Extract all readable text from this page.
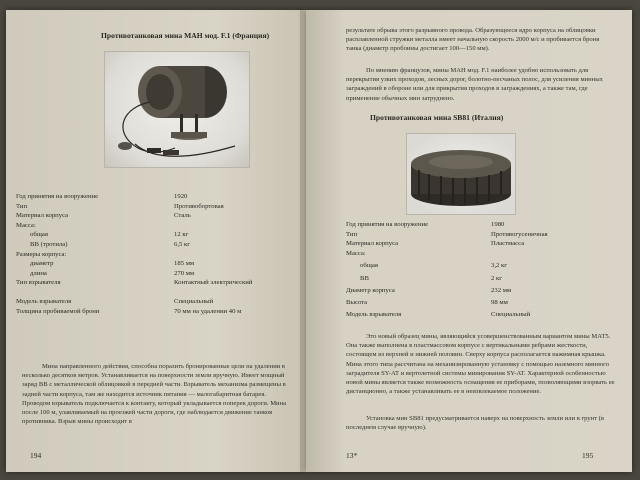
Противотанковая мина МАН мод. F.1 (Франция)
Год принятия на вооружение	1920
Тип	Противобортовая
Материал корпуса	Сталь
Масса:
общая	12 кг
ВВ (тротила)	6,5 кг
Размеры корпуса:
диаметр	185 мм
длина	270 мм
Тип взрывателя	Контактный электрический
Модель взрывателя	Специальный
Толщина пробиваемой брони	70 мм на удалении 40 м

Мина направленного действия, способна поразить бронированные цели на удалении в несколько десятков метров. Устанавливается на поверхности земли вручную. Имеет мощный заряд ВВ с металлической облицовкой в передней части. Взрыватель механизма размещены в задней части корпуса, там же находится источник питания — малогабаритная батарея. Проводом взрыватель подключается к контакту, который укладывается поперек дороги. Мина после 100 м, улавливаемый на проезжей части дороги, где наблюдается движение танков противника. Взрыв мины происходит в

194

результате обрыва этого разрывного провода. Образующееся ядро корпуса на облицовки расплавленной стружки металла имеет начальную скорость 2000 м/с и пробивается броня танка (диаметр пробоины достигает 100—150 мм).

По мнению французов, мины МАН мод. F.1 наиболее удобно использовать для перекрытия узких проходов, лесных дорог, болотно-песчаных полос, для усиления минных заграждений в обороне или для прикрытия проходов в заграждениях, а также там, где применение обычных мин затруднено.

Противотанковая мина SB81 (Италия)
Год принятия на вооружение	1980
Тип	Противогусеничная
Материал корпуса	Пластмасса
Масса:
общая	3,2 кг
ВВ	2 кг
Диаметр корпуса	232 мм
Высота	98 мм
Модель взрывателя	Специальный

Это новый образец мины, являющийся усовершенствованным вариантом мины МАТ5. Она также выполнена в пластмассовом корпусе с вертикальными ребрами жесткости, состоящем из верхней и нижней половин. Сверху корпуса располагается нажимная крышка. Мина этого типа рассчитана на механизированную установку с помощью наземного минного заградителя SY-AT и вертолетной системы минирования SY-AT. Характерной особенностью новой мины является также возможность оснащения ее приборами, позволяющими взорвать ее дистанционно, а также устанавливать ее в неизвлекаемое положение.

Установка мин SB81 предусматривается наверх на поверхность земли или в грунт (в последнем случае вручную).

13*	195
